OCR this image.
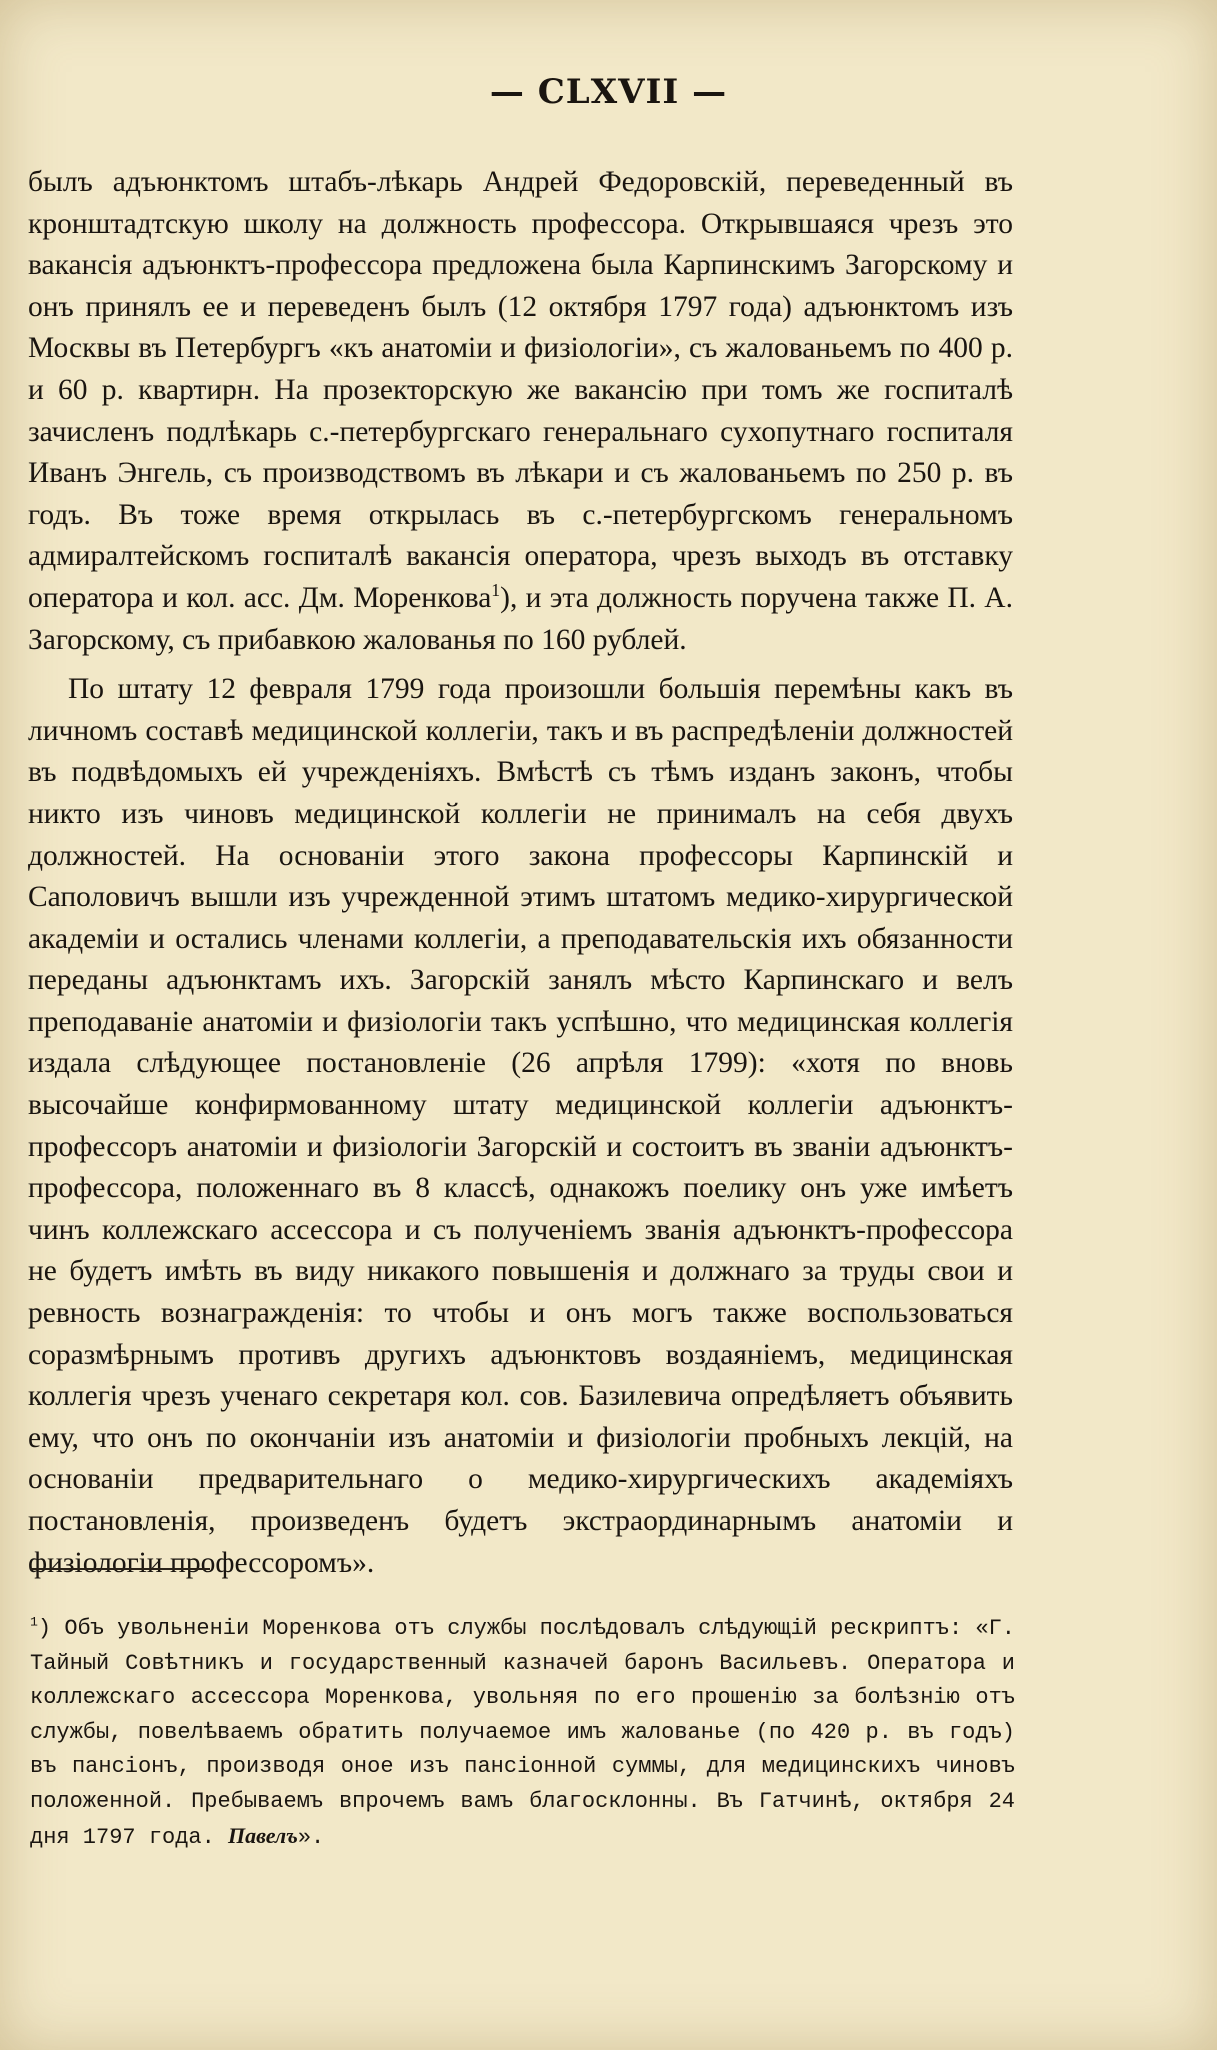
— CLXVII —

былъ адъюнктомъ штабъ-лѣкарь Андрей Федоровскій, переведенный въ кронштадтскую школу на должность профессора. Открывшаяся чрезъ это вакансія адъюнктъ-профессора предложена была Карпинскимъ Загорскому и онъ принялъ ее и переведенъ былъ (12 октября 1797 года) адъюнктомъ изъ Москвы въ Петербургъ «къ анатоміи и физіологіи», съ жалованьемъ по 400 р. и 60 р. квартирн. На прозекторскую же вакансію при томъ же госпиталѣ зачисленъ подлѣкарь с.-петербургскаго генеральнаго сухопутнаго госпиталя Иванъ Энгель, съ производствомъ въ лѣкари и съ жалованьемъ по 250 р. въ годъ. Въ тоже время открылась въ с.-петербургскомъ генеральномъ адмиралтейскомъ госпиталѣ вакансія оператора, чрезъ выходъ въ отставку оператора и кол. асс. Дм. Моренкова$^1$), и эта должность поручена также П. А. Загорскому, съ прибавкою жалованья по 160 рублей.

По штату 12 февраля 1799 года произошли большія перемѣны какъ въ личномъ составѣ медицинской коллегіи, такъ и въ распредѣленіи должностей въ подвѣдомыхъ ей учрежденіяхъ. Вмѣстѣ съ тѣмъ изданъ законъ, чтобы никто изъ чиновъ медицинской коллегіи не принималъ на себя двухъ должностей. На основаніи этого закона профессоры Карпинскій и Саполовичъ вышли изъ учрежденной этимъ штатомъ медико-хирургической академіи и остались членами коллегіи, а преподавательскія ихъ обязанности переданы адъюнктамъ ихъ. Загорскій занялъ мѣсто Карпинскаго и велъ преподаваніе анатоміи и физіологіи такъ успѣшно, что медицинская коллегія издала слѣдующее постановленіе (26 апрѣля 1799): «хотя по вновь высочайше конфирмованному штату медицинской коллегіи адъюнктъ-профессоръ анатоміи и физіологіи Загорскій и состоитъ въ званіи адъюнктъ-профессора, положеннаго въ 8 классѣ, однакожъ поелику онъ уже имѣетъ чинъ коллежскаго ассессора и съ полученіемъ званія адъюнктъ-профессора не будетъ имѣть въ виду никакого повышенія и должнаго за труды свои и ревность вознагражденія: то чтобы и онъ могъ также воспользоваться соразмѣрнымъ противъ другихъ адъюнктовъ воздаяніемъ, медицинская коллегія чрезъ ученаго секретаря кол. сов. Базилевича опредѣляетъ объявить ему, что онъ по окончаніи изъ анатоміи и физіологіи пробныхъ лекцій, на основаніи предварительнаго о медико-хирургическихъ академіяхъ постановленія, произведенъ будетъ экстраординарнымъ анатоміи и физіологіи профессоромъ».

$^1$) Объ увольненіи Моренкова отъ службы послѣдовалъ слѣдующій рескриптъ: «Г. Тайный Совѣтникъ и государственный казначей баронъ Васильевъ. Оператора и коллежскаго ассессора Моренкова, увольняя по его прошенію за болѣзнію отъ службы, повелѣваемъ обратить получаемое имъ жалованье (по 420 р. въ годъ) въ пансіонъ, производя оное изъ пансіонной суммы, для медицинскихъ чиновъ положенной. Пребываемъ впрочемъ вамъ благосклонны. Въ Гатчинѣ, октября 24 дня 1797 года. Павелъ».
